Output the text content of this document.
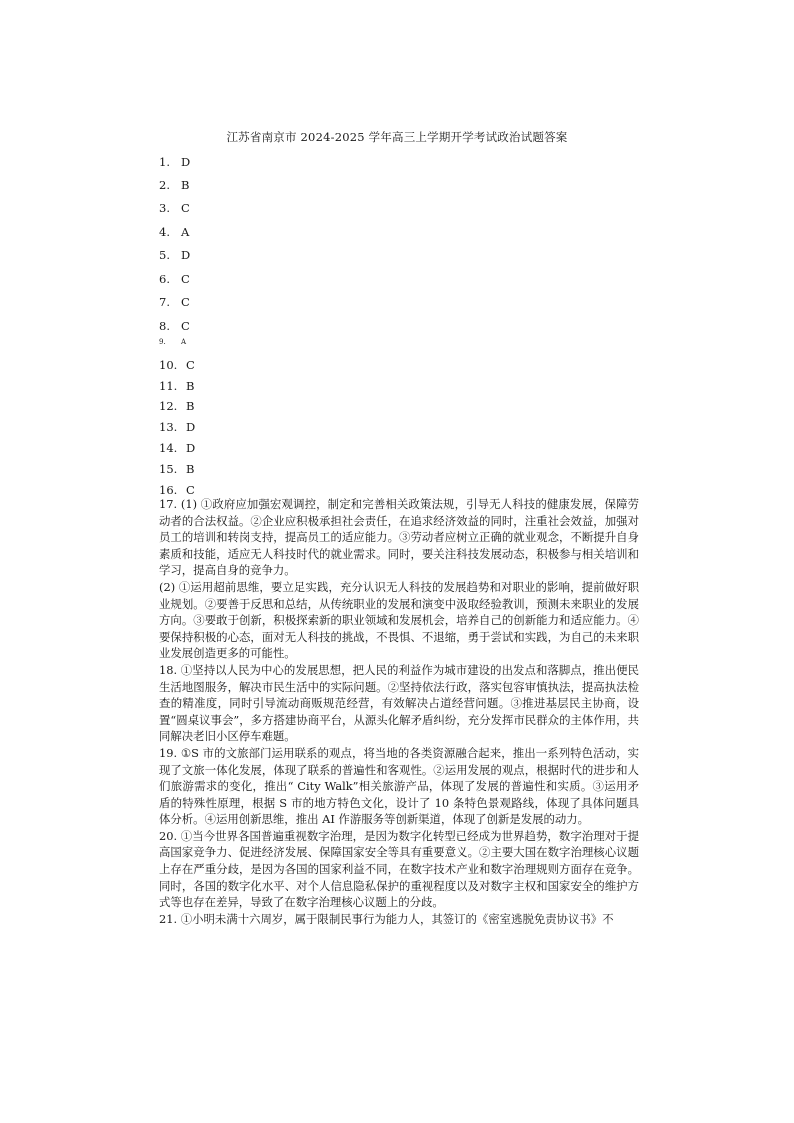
江苏省南京市 2024-2025 学年高三上学期开学考试政治试题答案
1. D
2. B
3. C
4. A
5. D
6. C
7. C
8. C
9. A
10. C
11. B
12. B
13. D
14. D
15. B
16. C

17. (1) ①政府应加强宏观调控，制定和完善相关政策法规，引导无人科技的健康发展，保障劳动者的合法权益。②企业应积极承担社会责任，在追求经济效益的同时，注重社会效益，加强对员工的培训和转岗支持，提高员工的适应能力。③劳动者应树立正确的就业观念，不断提升自身素质和技能，适应无人科技时代的就业需求。同时，要关注科技发展动态，积极参与相关培训和学习，提高自身的竞争力。

(2) ①运用超前思维，要立足实践，充分认识无人科技的发展趋势和对职业的影响，提前做好职业规划。②要善于反思和总结，从传统职业的发展和演变中汲取经验教训，预测未来职业的发展方向。③要敢于创新，积极探索新的职业领域和发展机会，培养自己的创新能力和适应能力。④要保持积极的心态，面对无人科技的挑战，不畏惧、不退缩，勇于尝试和实践，为自己的未来职业发展创造更多的可能性。

18. ①坚持以人民为中心的发展思想，把人民的利益作为城市建设的出发点和落脚点，推出便民生活地图服务，解决市民生活中的实际问题。②坚持依法行政，落实包容审慎执法，提高执法检查的精准度，同时引导流动商贩规范经营，有效解决占道经营问题。③推进基层民主协商，设置“圆桌议事会”，多方搭建协商平台，从源头化解矛盾纠纷，充分发挥市民群众的主体作用，共同解决老旧小区停车难题。

19. ①S 市的文旅部门运用联系的观点，将当地的各类资源融合起来，推出一系列特色活动，实现了文旅一体化发展，体现了联系的普遍性和客观性。②运用发展的观点，根据时代的进步和人们旅游需求的变化，推出“ City Walk”相关旅游产品，体现了发展的普遍性和实质。③运用矛盾的特殊性原理，根据 S 市的地方特色文化，设计了 10 条特色景观路线，体现了具体问题具体分析。④运用创新思维，推出 AI 作游服务等创新渠道，体现了创新是发展的动力。

20. ①当今世界各国普遍重视数字治理，是因为数字化转型已经成为世界趋势，数字治理对于提高国家竞争力、促进经济发展、保障国家安全等具有重要意义。②主要大国在数字治理核心议题上存在严重分歧，是因为各国的国家利益不同，在数字技术产业和数字治理规则方面存在竞争。同时，各国的数字化水平、对个人信息隐私保护的重视程度以及对数字主权和国家安全的维护方式等也存在差异，导致了在数字治理核心议题上的分歧。

21. ①小明未满十六周岁，属于限制民事行为能力人，其签订的《密室逃脱免责协议书》不
